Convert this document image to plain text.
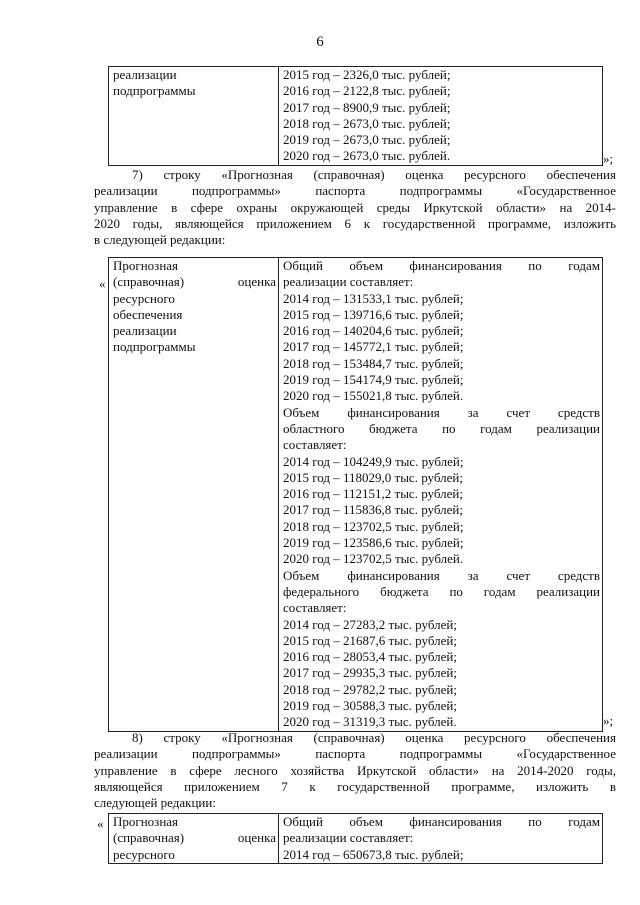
6
реализации
подпрограммы

2015 год – 2326,0 тыс. рублей;
2016 год – 2122,8 тыс. рублей;
2017 год – 8900,9 тыс. рублей;
2018 год – 2673,0 тыс. рублей;
2019 год – 2673,0 тыс. рублей;
2020 год – 2673,0 тыс. рублей.	»;
7) строку «Прогнозная (справочная) оценка ресурсного обеспечения
реализации подпрограммы» паспорта подпрограммы «Государственное
управление в сфере охраны окружающей среды Иркутской области» на 2014-
2020 годы, являющейся приложением 6 к государственной программе, изложить
в следующей редакции:
«
Прогнозная
(справочная) оценка
ресурсного
обеспечения
реализации
подпрограммы

Общий объем финансирования по годам
реализации составляет:
2014 год – 131533,1 тыс. рублей;
2015 год – 139716,6 тыс. рублей;
2016 год – 140204,6 тыс. рублей;
2017 год – 145772,1 тыс. рублей;
2018 год – 153484,7 тыс. рублей;
2019 год – 154174,9 тыс. рублей;
2020 год – 155021,8 тыс. рублей.
Объем финансирования за счет средств
областного бюджета по годам реализации
составляет:
2014 год – 104249,9 тыс. рублей;
2015 год – 118029,0 тыс. рублей;
2016 год – 112151,2 тыс. рублей;
2017 год – 115836,8 тыс. рублей;
2018 год – 123702,5 тыс. рублей;
2019 год – 123586,6 тыс. рублей;
2020 год – 123702,5 тыс. рублей.
Объем финансирования за счет средств
федерального бюджета по годам реализации
составляет:
2014 год – 27283,2 тыс. рублей;
2015 год – 21687,6 тыс. рублей;
2016 год – 28053,4 тыс. рублей;
2017 год – 29935,3 тыс. рублей;
2018 год – 29782,2 тыс. рублей;
2019 год – 30588,3 тыс. рублей;
2020 год – 31319,3 тыс. рублей.	»;
8) строку «Прогнозная (справочная) оценка ресурсного обеспечения
реализации подпрограммы» паспорта подпрограммы «Государственное
управление в сфере лесного хозяйства Иркутской области» на 2014-2020 годы,
являющейся приложением 7 к государственной программе, изложить в
следующей редакции:
« Прогнозная
(справочная) оценка
ресурсного

Общий объем финансирования по годам
реализации составляет:
2014 год – 650673,8 тыс. рублей;
